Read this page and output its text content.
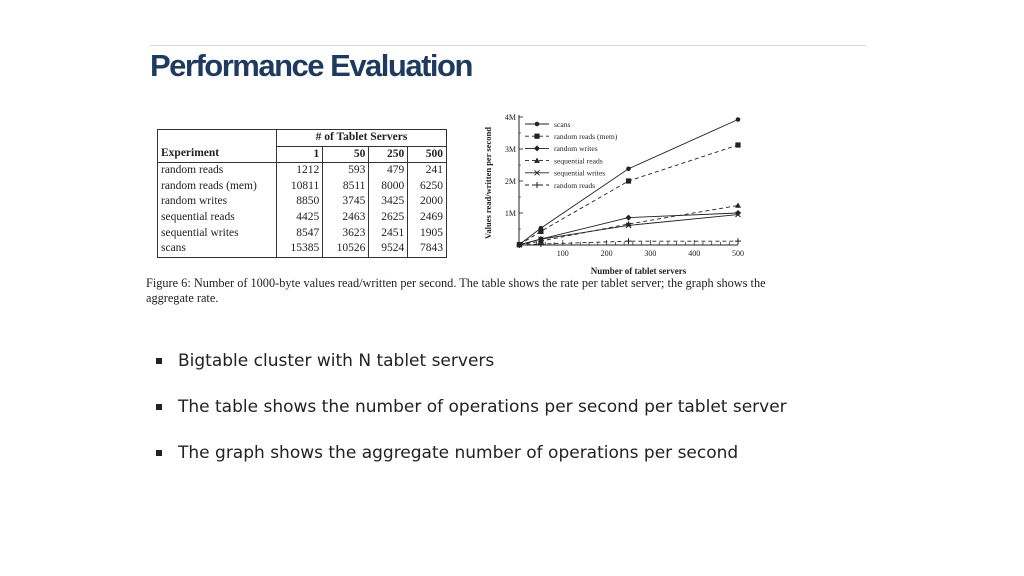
Performance Evaluation
	# of Tablet Servers			
Experiment	1	50	250	500
random reads	1212	593	479	241
random reads (mem)	10811	8511	8000	6250
random writes	8850	3745	3425	2000
sequential reads	4425	2463	2625	2469
sequential writes	8547	3623	2451	1905
scans	15385	10526	9524	7843	100	200	300	400	500
1M
2M
3M
4M
Number of tablet servers
Values read/written per second
scans
random reads (mem)
random writes
sequential reads
sequential writes
random reads

Figure 6: Number of 1000-byte values read/written per second. The table shows the rate per tablet server; the graph shows the aggregate rate.

Bigtable cluster with N tablet servers
The table shows the number of operations per second per tablet server
The graph shows the aggregate number of operations per second
